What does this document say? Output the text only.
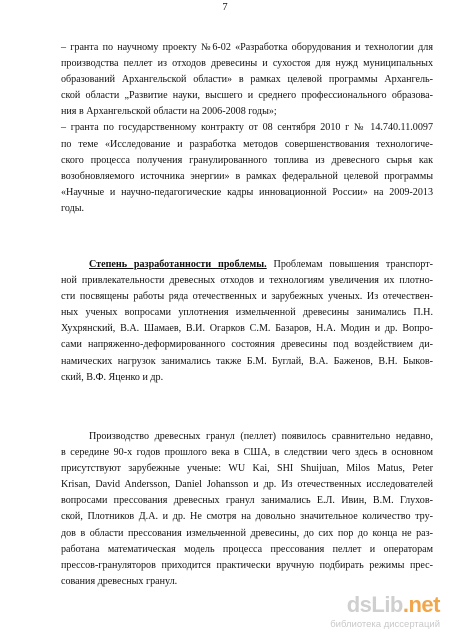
7
– гранта по научному проекту №6-02 «Разработка оборудования и технологии для
производства пеллет из отходов древесины и сухостоя для нужд муниципальных
образований Архангельской области» в рамках целевой программы Архангель-
ской области „Развитие науки, высшего и среднего профессионального образова-
ния в Архангельской области на 2006-2008 годы»;
– гранта по государственному контракту от 08 сентября 2010 г № 14.740.11.0097
по теме «Исследование и разработка методов совершенствования технологиче-
ского процесса получения гранулированного топлива из древесного сырья как
возобновляемого источника энергии» в рамках федеральной целевой программы
«Научные и научно-педагогические кадры инновационной России» на 2009-2013
годы.
Степень разработанности проблемы. Проблемам повышения транспорт-
ной привлекательности древесных отходов и технологиям увеличения их плотно-
сти посвящены работы ряда отечественных и зарубежных ученых. Из отечествен-
ных ученых вопросами уплотнения измельченной древесины занимались П.Н.
Хухрянский, В.А. Шамаев, В.И. Огарков С.М. Базаров, Н.А. Модин и др. Вопро-
сами напряженно-деформированного состояния древесины под воздействием ди-
намических нагрузок занимались также Б.М. Буглай, В.А. Баженов, В.Н. Быков-
ский, В.Ф. Яценко и др.
Производство древесных гранул (пеллет) появилось сравнительно недавно,
в середине 90-х годов прошлого века в США, в следствии чего здесь в основном
присутствуют зарубежные ученые: WU Kai, SHI Shuijuan, Milos Matus, Peter
Krisan, David Andersson, Daniel Johansson и др. Из отечественных исследователей
вопросами прессования древесных гранул занимались Е.Л. Ивин, В.М. Глухов-
ской, Плотников Д.А. и др. Не смотря на довольно значительное количество тру-
дов в области прессования измельченной древесины, до сих пор до конца не раз-
работана математическая модель процесса прессования пеллет и операторам
прессов-грануляторов приходится практически вручную подбирать режимы прес-
сования древесных гранул.
dsLib.net
библиотека диссертаций
